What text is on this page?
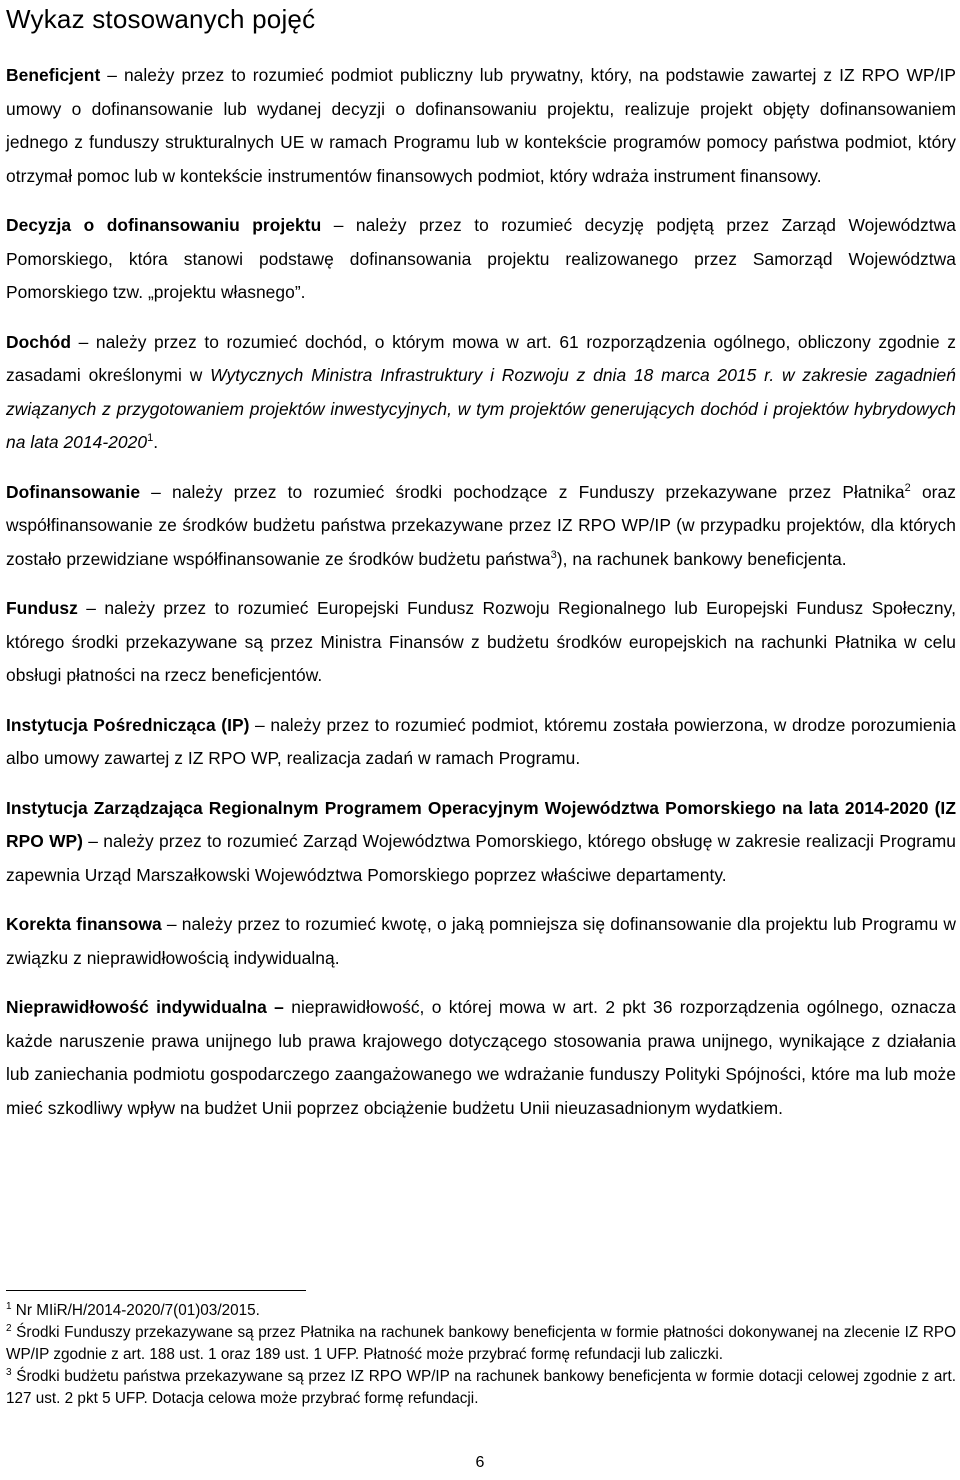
Wykaz stosowanych pojęć

Beneficjent – należy przez to rozumieć podmiot publiczny lub prywatny, który, na podstawie zawartej z IZ RPO WP/IP umowy o dofinansowanie lub wydanej decyzji o dofinansowaniu projektu, realizuje projekt objęty dofinansowaniem jednego z funduszy strukturalnych UE w ramach Programu lub w kontekście programów pomocy państwa podmiot, który otrzymał pomoc lub w kontekście instrumentów finansowych podmiot, który wdraża instrument finansowy.

Decyzja o dofinansowaniu projektu – należy przez to rozumieć decyzję podjętą przez Zarząd Województwa Pomorskiego, która stanowi podstawę dofinansowania projektu realizowanego przez Samorząd Województwa Pomorskiego tzw. „projektu własnego”.

Dochód – należy przez to rozumieć dochód, o którym mowa w art. 61 rozporządzenia ogólnego, obliczony zgodnie z zasadami określonymi w Wytycznych Ministra Infrastruktury i Rozwoju z dnia 18 marca 2015 r. w zakresie zagadnień związanych z przygotowaniem projektów inwestycyjnych, w tym projektów generujących dochód i projektów hybrydowych na lata 2014-2020$^1$.

Dofinansowanie – należy przez to rozumieć środki pochodzące z Funduszy przekazywane przez Płatnika$^2$ oraz współfinansowanie ze środków budżetu państwa przekazywane przez IZ RPO WP/IP (w przypadku projektów, dla których zostało przewidziane współfinansowanie ze środków budżetu państwa$^3$), na rachunek bankowy beneficjenta.

Fundusz – należy przez to rozumieć Europejski Fundusz Rozwoju Regionalnego lub Europejski Fundusz Społeczny, którego środki przekazywane są przez Ministra Finansów z budżetu środków europejskich na rachunki Płatnika w celu obsługi płatności na rzecz beneficjentów.

Instytucja Pośrednicząca (IP) – należy przez to rozumieć podmiot, któremu została powierzona, w drodze porozumienia albo umowy zawartej z IZ RPO WP, realizacja zadań w ramach Programu.

Instytucja Zarządzająca Regionalnym Programem Operacyjnym Województwa Pomorskiego na lata 2014-2020 (IZ RPO WP) – należy przez to rozumieć Zarząd Województwa Pomorskiego, którego obsługę w zakresie realizacji Programu zapewnia Urząd Marszałkowski Województwa Pomorskiego poprzez właściwe departamenty.

Korekta finansowa – należy przez to rozumieć kwotę, o jaką pomniejsza się dofinansowanie dla projektu lub Programu w związku z nieprawidłowością indywidualną.

Nieprawidłowość indywidualna – nieprawidłowość, o której mowa w art. 2 pkt 36 rozporządzenia ogólnego, oznacza każde naruszenie prawa unijnego lub prawa krajowego dotyczącego stosowania prawa unijnego, wynikające z działania lub zaniechania podmiotu gospodarczego zaangażowanego we wdrażanie funduszy Polityki Spójności, które ma lub może mieć szkodliwy wpływ na budżet Unii poprzez obciążenie budżetu Unii nieuzasadnionym wydatkiem.

$^1$ Nr MIiR/H/2014-2020/7(01)03/2015.

$^2$ Środki Funduszy przekazywane są przez Płatnika na rachunek bankowy beneficjenta w formie płatności dokonywanej na zlecenie IZ RPO WP/IP zgodnie z art. 188 ust. 1 oraz 189 ust. 1 UFP. Płatność może przybrać formę refundacji lub zaliczki.

$^3$ Środki budżetu państwa przekazywane są przez IZ RPO WP/IP na rachunek bankowy beneficjenta w formie dotacji celowej zgodnie z art. 127 ust. 2 pkt 5 UFP. Dotacja celowa może przybrać formę refundacji.

6
